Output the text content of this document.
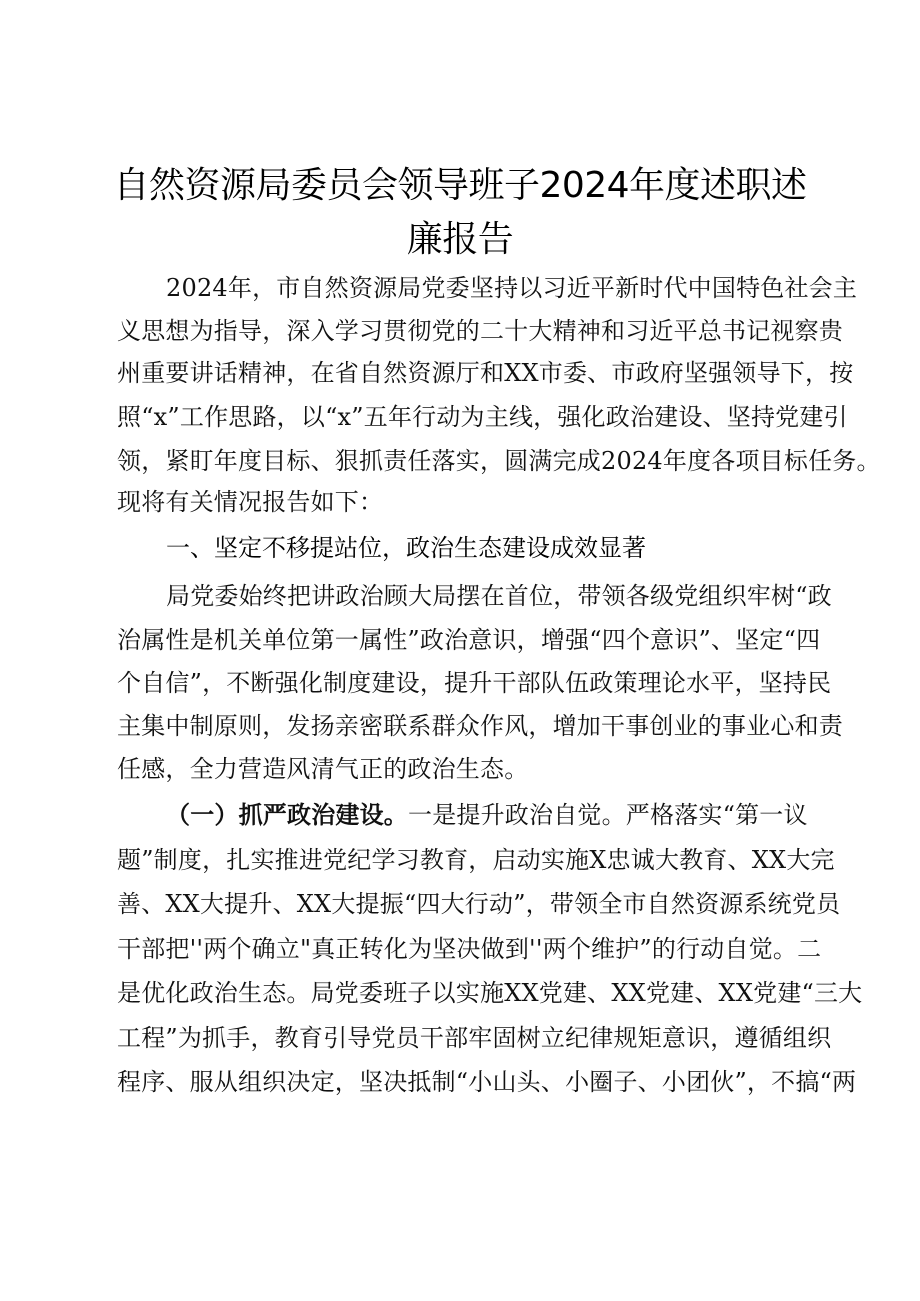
自然资源局委员会领导班子2024年度述职述
廉报告
2024年，市自然资源局党委坚持以习近平新时代中国特色社会主
义思想为指导，深入学习贯彻党的二十大精神和习近平总书记视察贵
州重要讲话精神，在省自然资源厅和XX市委、市政府坚强领导下，按
照“x”工作思路，以“x”五年行动为主线，强化政治建设、坚持党建引
领，紧盯年度目标、狠抓责任落实，圆满完成2024年度各项目标任务。
现将有关情况报告如下：
一、坚定不移提站位，政治生态建设成效显著
局党委始终把讲政治顾大局摆在首位，带领各级党组织牢树“政
治属性是机关单位第一属性”政治意识，增强“四个意识”、坚定“四
个自信”，不断强化制度建设，提升干部队伍政策理论水平，坚持民
主集中制原则，发扬亲密联系群众作风，增加干事创业的事业心和责
任感，全力营造风清气正的政治生态。
（一）抓严政治建设。一是提升政治自觉。严格落实“第一议
题”制度，扎实推进党纪学习教育，启动实施X忠诚大教育、XX大完
善、XX大提升、XX大提振“四大行动”，带领全市自然资源系统党员
干部把''两个确立"真正转化为坚决做到''两个维护”的行动自觉。二
是优化政治生态。局党委班子以实施XX党建、XX党建、XX党建“三大
工程”为抓手，教育引导党员干部牢固树立纪律规矩意识，遵循组织
程序、服从组织决定，坚决抵制“小山头、小圈子、小团伙”，不搞“两
